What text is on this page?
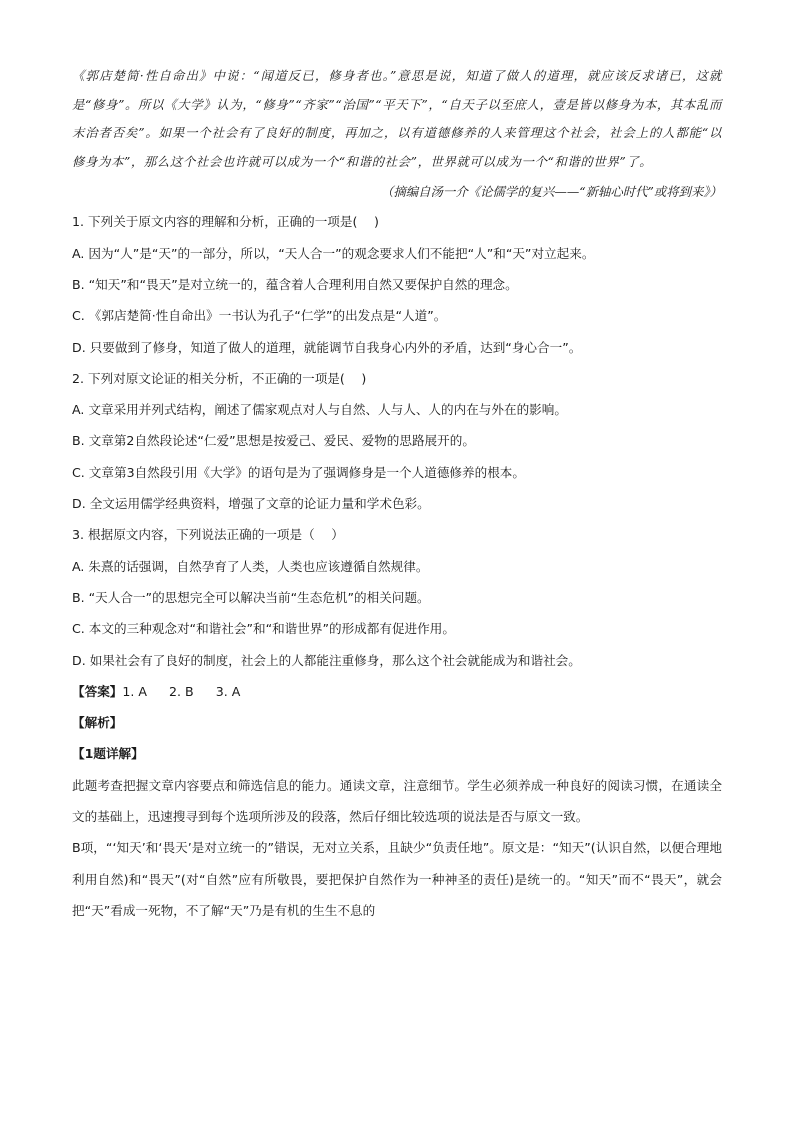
《郭店楚简·性自命出》中说：“闻道反已，修身者也。”意思是说，知道了做人的道理，就应该反求诸已，这就是“修身”。所以《大学》认为，“修身”“齐家”“治国”“平天下”，“自天子以至庶人，壹是皆以修身为本，其本乱而末治者否矣”。如果一个社会有了良好的制度，再加之，以有道德修养的人来管理这个社会，社会上的人都能“以修身为本”，那么这个社会也许就可以成为一个“和谐的社会”，世界就可以成为一个“和谐的世界”了。

（摘编自汤一介《论儒学的复兴——“新轴心时代”或将到来》）
1. 下列关于原文内容的理解和分析，正确的一项是(　 )
A. 因为“人”是“天”的一部分，所以，“天人合一”的观念要求人们不能把“人”和“天”对立起来。
B. “知天”和“畏天”是对立统一的，蕴含着人合理利用自然又要保护自然的理念。
C. 《郭店楚简·性自命出》一书认为孔子“仁学”的出发点是“人道”。
D. 只要做到了修身，知道了做人的道理，就能调节自我身心内外的矛盾，达到“身心合一”。
2. 下列对原文论证的相关分析，不正确的一项是(　 )
A. 文章采用并列式结构，阐述了儒家观点对人与自然、人与人、人的内在与外在的影响。
B. 文章第2自然段论述“仁爱”思想是按爱己、爱民、爱物的思路展开的。
C. 文章第3自然段引用《大学》的语句是为了强调修身是一个人道德修养的根本。
D. 全文运用儒学经典资料，增强了文章的论证力量和学术色彩。
3. 根据原文内容，下列说法正确的一项是（　 ）
A. 朱熹的话强调，自然孕育了人类，人类也应该遵循自然规律。
B. “天人合一”的思想完全可以解决当前“生态危机”的相关问题。
C. 本文的三种观念对“和谐社会”和“和谐世界”的形成都有促进作用。
D. 如果社会有了良好的制度，社会上的人都能注重修身，那么这个社会就能成为和谐社会。
【答案】1. A 2. B 3. A
【解析】
【1题详解】
此题考查把握文章内容要点和筛选信息的能力。通读文章，注意细节。学生必须养成一种良好的阅读习惯，在通读全文的基础上，迅速搜寻到每个选项所涉及的段落，然后仔细比较选项的说法是否与原文一致。
B项，“‘知天’和‘畏天’是对立统一的”错误，无对立关系，且缺少“负责任地”。原文是：“知天”(认识自然，以便合理地利用自然)和“畏天”(对“自然”应有所敬畏，要把保护自然作为一种神圣的责任)是统一的。“知天”而不“畏天”，就会把“天”看成一死物，不了解“天”乃是有机的生生不息的
